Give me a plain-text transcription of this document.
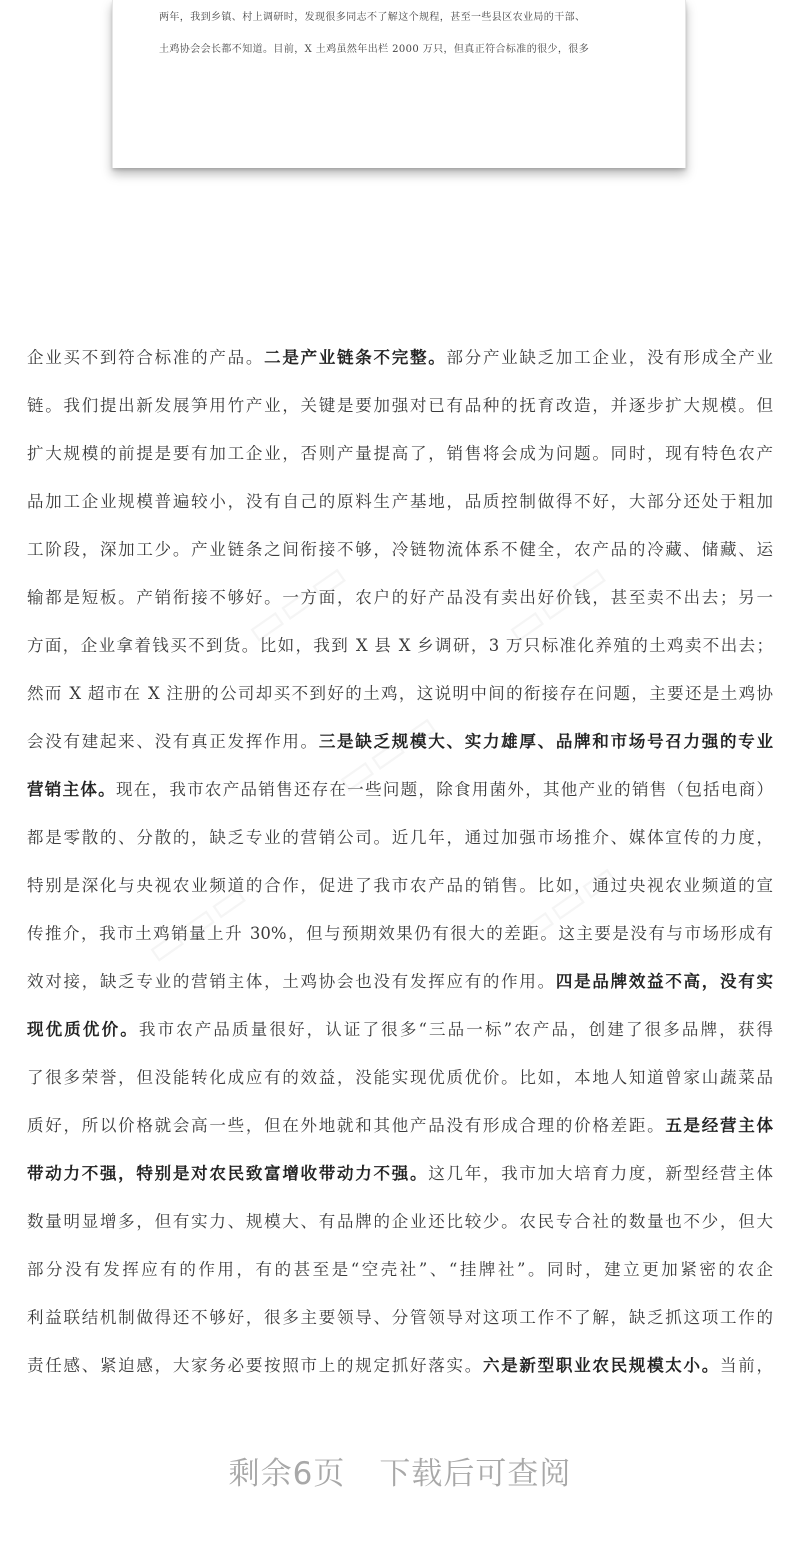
两年，我到乡镇、村上调研时，发现很多同志不了解这个规程，甚至一些县区农业局的干部、
土鸡协会会长都不知道。目前，X 土鸡虽然年出栏 2000 万只，但真正符合标准的很少，很多
▭▭▭	▭▭▭
▭▭▭
▭▭▭	▭▭▭
企业买不到符合标准的产品。二是产业链条不完整。部分产业缺乏加工企业，没有形成全产业
链。我们提出新发展笋用竹产业，关键是要加强对已有品种的抚育改造，并逐步扩大规模。但
扩大规模的前提是要有加工企业，否则产量提高了，销售将会成为问题。同时，现有特色农产
品加工企业规模普遍较小，没有自己的原料生产基地，品质控制做得不好，大部分还处于粗加
工阶段，深加工少。产业链条之间衔接不够，冷链物流体系不健全，农产品的冷藏、储藏、运
输都是短板。产销衔接不够好。一方面，农户的好产品没有卖出好价钱，甚至卖不出去；另一
方面，企业拿着钱买不到货。比如，我到 X 县 X 乡调研，3 万只标准化养殖的土鸡卖不出去；
然而 X 超市在 X 注册的公司却买不到好的土鸡，这说明中间的衔接存在问题，主要还是土鸡协
会没有建起来、没有真正发挥作用。三是缺乏规模大、实力雄厚、品牌和市场号召力强的专业
营销主体。现在，我市农产品销售还存在一些问题，除食用菌外，其他产业的销售（包括电商）
都是零散的、分散的，缺乏专业的营销公司。近几年，通过加强市场推介、媒体宣传的力度，
特别是深化与央视农业频道的合作，促进了我市农产品的销售。比如，通过央视农业频道的宣
传推介，我市土鸡销量上升 30%，但与预期效果仍有很大的差距。这主要是没有与市场形成有
效对接，缺乏专业的营销主体，土鸡协会也没有发挥应有的作用。四是品牌效益不高，没有实
现优质优价。我市农产品质量很好，认证了很多“三品一标”农产品，创建了很多品牌，获得
了很多荣誉，但没能转化成应有的效益，没能实现优质优价。比如，本地人知道曾家山蔬菜品
质好，所以价格就会高一些，但在外地就和其他产品没有形成合理的价格差距。五是经营主体
带动力不强，特别是对农民致富增收带动力不强。这几年，我市加大培育力度，新型经营主体
数量明显增多，但有实力、规模大、有品牌的企业还比较少。农民专合社的数量也不少，但大
部分没有发挥应有的作用，有的甚至是“空壳社”、“挂牌社”。同时，建立更加紧密的农企
利益联结机制做得还不够好，很多主要领导、分管领导对这项工作不了解，缺乏抓这项工作的
责任感、紧迫感，大家务必要按照市上的规定抓好落实。六是新型职业农民规模太小。当前，
剩余6页 下载后可查阅
